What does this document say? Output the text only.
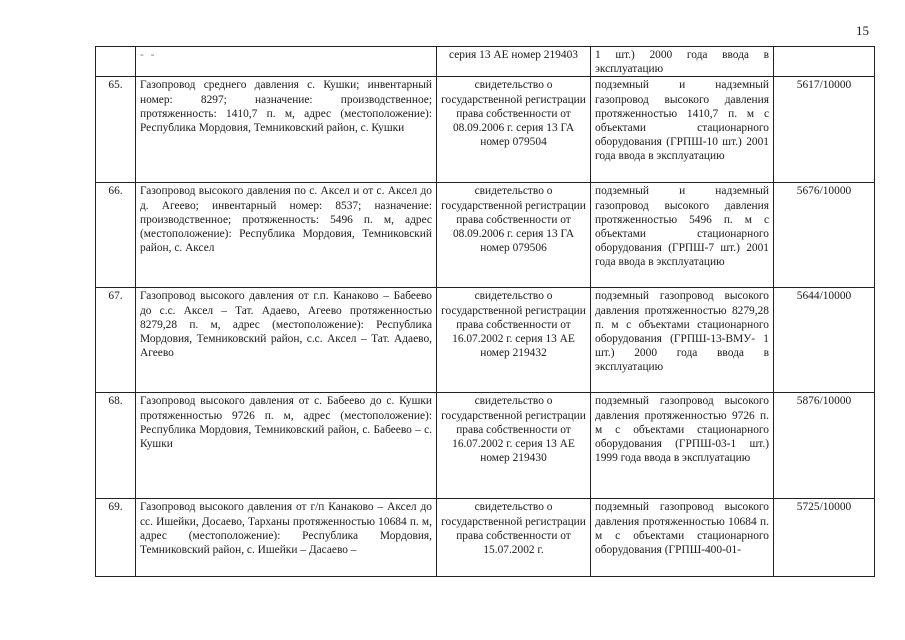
15
	- -	серия 13 АЕ номер 219403	1 шт.) 2000 года ввода в эксплуатацию	
65.	Газопровод среднего давления с. Кушки; инвентарный номер: 8297; назначение: производственное; протяженность: 1410,7 п. м, адрес (местоположение): Республика Мордовия, Темниковский район, с. Кушки	свидетельство о государственной регистрации права собственности от 08.09.2006 г. серия 13 ГА номер 079504	подземный и надземный газопровод высокого давления протяженностью 1410,7 п. м с объектами стационарного оборудования (ГРПШ-10 шт.) 2001 года ввода в эксплуатацию	5617/10000
66.	Газопровод высокого давления по с. Аксел и от с. Аксел до д. Агеево; инвентарный номер: 8537; назначение: производственное; протяженность: 5496 п. м, адрес (местоположение): Республика Мордовия, Темниковский район, с. Аксел	свидетельство о государственной регистрации права собственности от 08.09.2006 г. серия 13 ГА номер 079506	подземный и надземный газопровод высокого давления протяженностью 5496 п. м с объектами стационарного оборудования (ГРПШ-7 шт.) 2001 года ввода в эксплуатацию	5676/10000
67.	Газопровод высокого давления от г.п. Канаково – Бабеево до с.с. Аксел – Тат. Адаево, Агеево протяженностью 8279,28 п. м, адрес (местоположение): Республика Мордовия, Темниковский район, с.с. Аксел – Тат. Адаево, Агеево	свидетельство о государственной регистрации права собственности от 16.07.2002 г. серия 13 АЕ номер 219432	подземный газопровод высокого давления протяженностью 8279,28 п. м с объектами стационарного оборудования (ГРПШ-13-ВМУ- 1 шт.) 2000 года ввода в эксплуатацию	5644/10000
68.	Газопровод высокого давления от с. Бабеево до с. Кушки протяженностью 9726 п. м, адрес (местоположение): Республика Мордовия, Темниковский район, с. Бабеево – с. Кушки	свидетельство о государственной регистрации права собственности от 16.07.2002 г. серия 13 АЕ номер 219430	подземный газопровод высокого давления протяженностью 9726 п. м с объектами стационарного оборудования (ГРПШ-03-1 шт.) 1999 года ввода в эксплуатацию	5876/10000
69.	Газопровод высокого давления от г/п Канаково – Аксел до сс. Ишейки, Досаево, Тарханы протяженностью 10684 п. м, адрес (местоположение): Республика Мордовия, Темниковский район, с. Ишейки – Дасаево –	свидетельство о государственной регистрации права собственности от 15.07.2002 г.	подземный газопровод высокого давления протяженностью 10684 п. м с объектами стационарного оборудования (ГРПШ-400-01-	5725/10000
